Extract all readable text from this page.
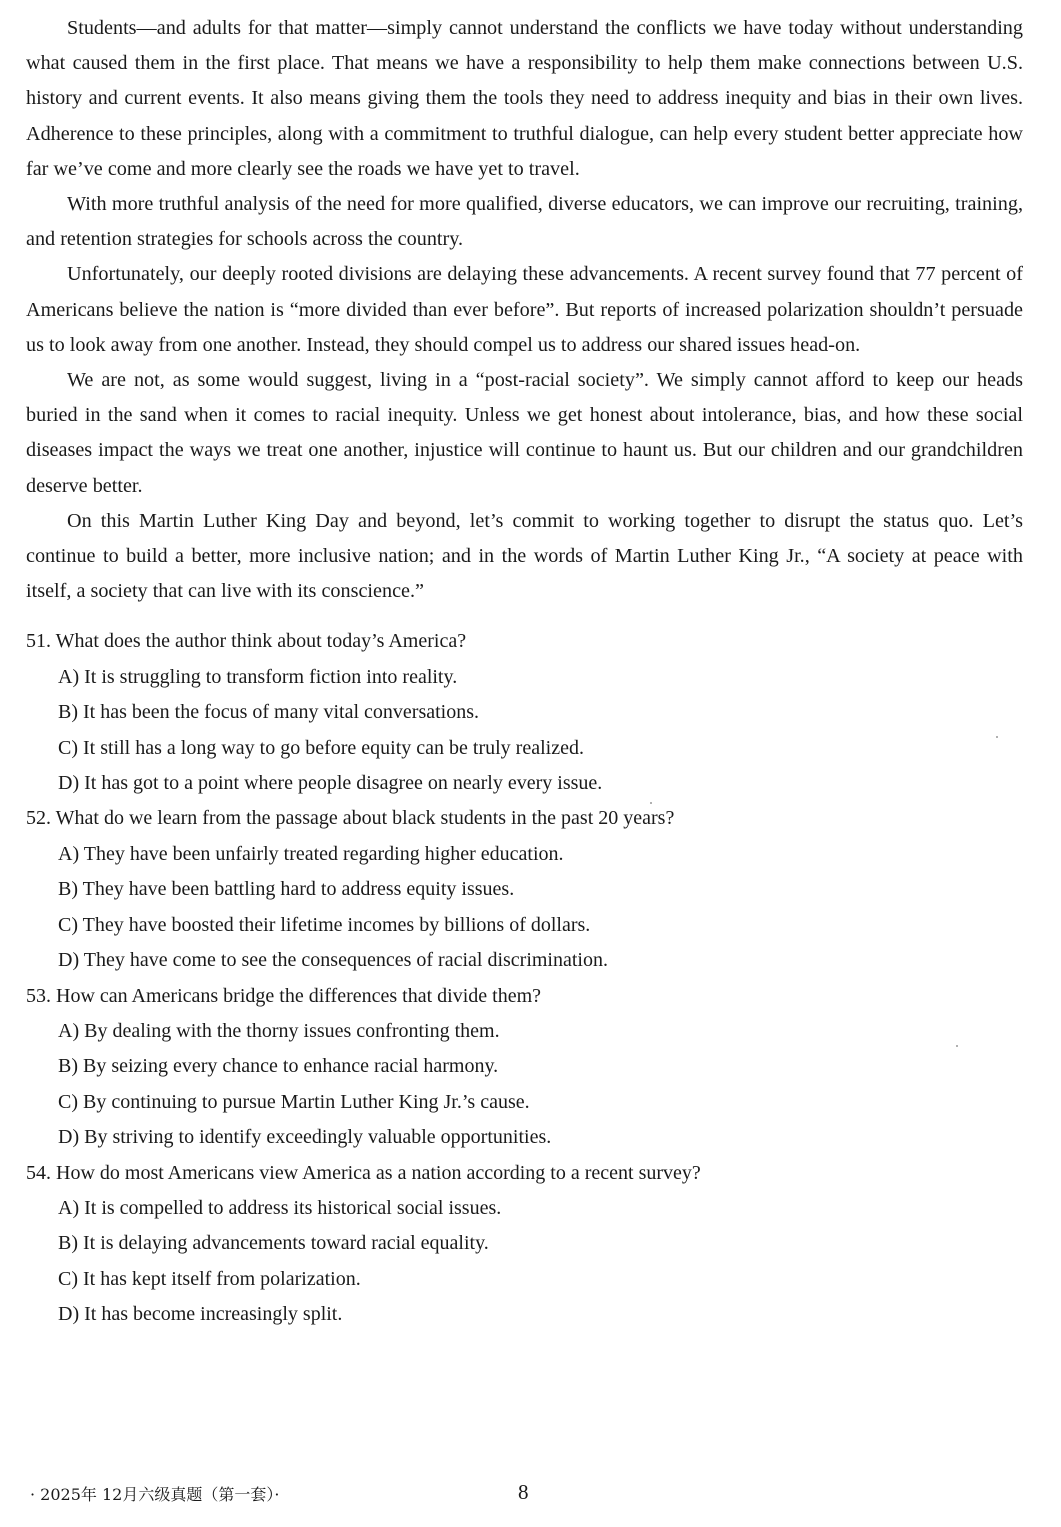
Students—and adults for that matter—simply cannot understand the conflicts we have today without understanding what caused them in the first place. That means we have a responsibility to help them make connections between U.S. history and current events. It also means giving them the tools they need to address inequity and bias in their own lives. Adherence to these principles, along with a commitment to truthful dialogue, can help every student better appreciate how far we’ve come and more clearly see the roads we have yet to travel.

With more truthful analysis of the need for more qualified, diverse educators, we can improve our recruiting, training, and retention strategies for schools across the country.

Unfortunately, our deeply rooted divisions are delaying these advancements. A recent survey found that 77 percent of Americans believe the nation is “more divided than ever before”. But reports of increased polarization shouldn’t persuade us to look away from one another. Instead, they should compel us to address our shared issues head-on.

We are not, as some would suggest, living in a “post-racial society”. We simply cannot afford to keep our heads buried in the sand when it comes to racial inequity. Unless we get honest about intolerance, bias, and how these social diseases impact the ways we treat one another, injustice will continue to haunt us. But our children and our grandchildren deserve better.

On this Martin Luther King Day and beyond, let’s commit to working together to disrupt the status quo. Let’s continue to build a better, more inclusive nation; and in the words of Martin Luther King Jr., “A society at peace with itself, a society that can live with its conscience.”

51. What does the author think about today’s America?

A) It is struggling to transform fiction into reality.

B) It has been the focus of many vital conversations.

C) It still has a long way to go before equity can be truly realized.

D) It has got to a point where people disagree on nearly every issue.

52. What do we learn from the passage about black students in the past 20 years?

A) They have been unfairly treated regarding higher education.

B) They have been battling hard to address equity issues.

C) They have boosted their lifetime incomes by billions of dollars.

D) They have come to see the consequences of racial discrimination.

53. How can Americans bridge the differences that divide them?

A) By dealing with the thorny issues confronting them.

B) By seizing every chance to enhance racial harmony.

C) By continuing to pursue Martin Luther King Jr.’s cause.

D) By striving to identify exceedingly valuable opportunities.

54. How do most Americans view America as a nation according to a recent survey?

A) It is compelled to address its historical social issues.

B) It is delaying advancements toward racial equality.

C) It has kept itself from polarization.

D) It has become increasingly split.

· 2025年 12月六级真题（第一套）·	8
